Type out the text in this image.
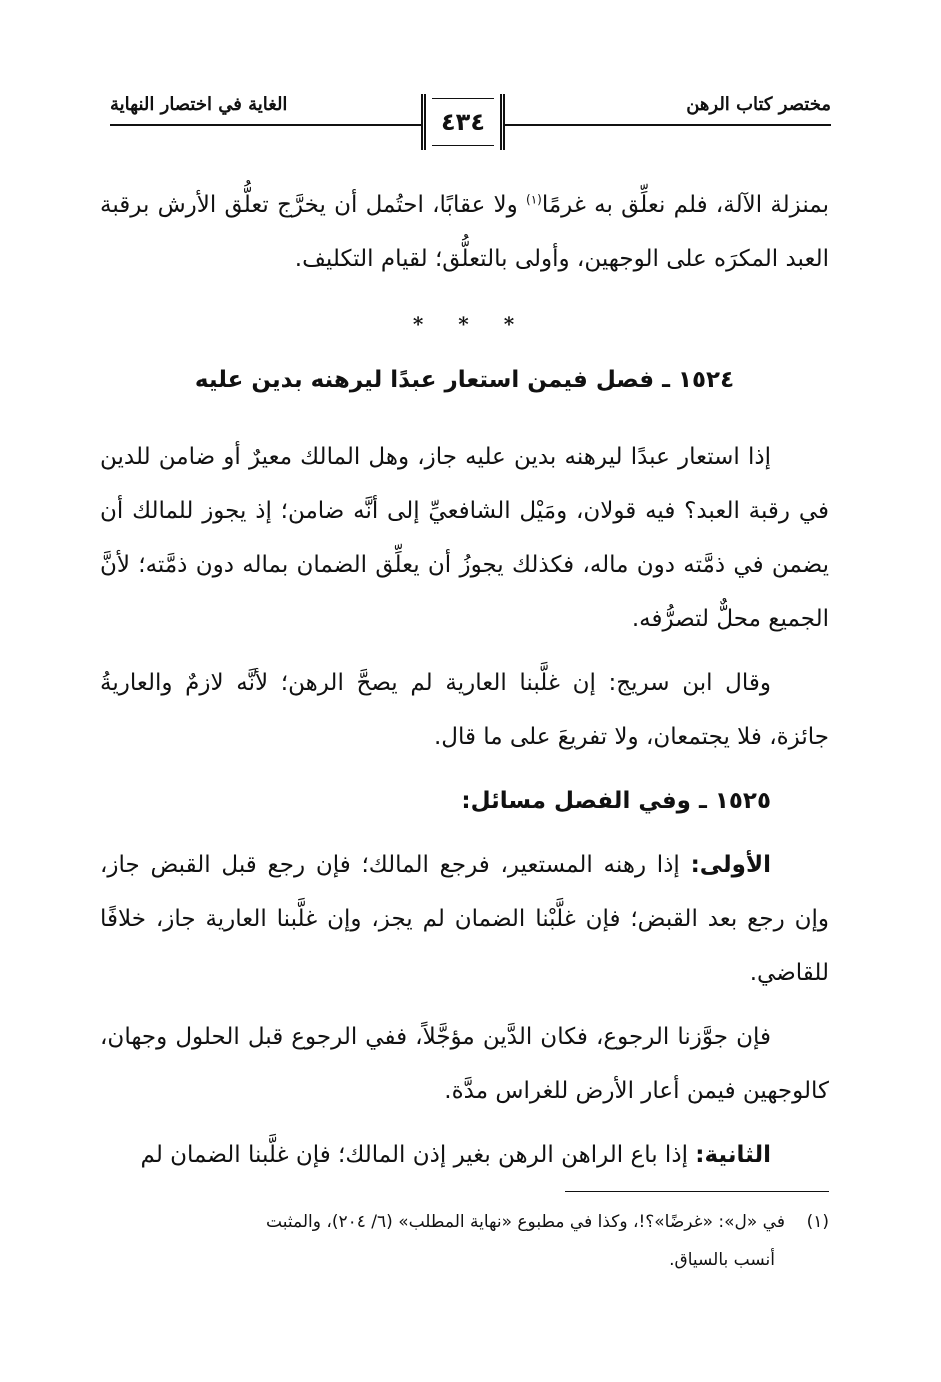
مختصر كتاب الرهن
الغاية في اختصار النهاية
٤٣٤

بمنزلة الآلة، فلم نعلِّق به غرمًا$^{(١)}$ ولا عقابًا، احتُمل أن يخرَّج تعلُّق الأرش برقبة العبد المكرَه على الوجهين، وأولى بالتعلُّق؛ لقيام التكليف.

* * *
١٥٢٤ ـ فصل فيمن استعار عبدًا ليرهنه بدين عليه

إذا استعار عبدًا ليرهنه بدين عليه جاز، وهل المالك معيرٌ أو ضامن للدين في رقبة العبد؟ فيه قولان، ومَيْل الشافعيِّ إلى أنَّه ضامن؛ إذ يجوز للمالك أن يضمن في ذمَّته دون ماله، فكذلك يجوزُ أن يعلِّق الضمان بماله دون ذمَّته؛ لأنَّ الجميع محلٌّ لتصرُّفه.

وقال ابن سريج: إن غلَّبنا العارية لم يصحَّ الرهن؛ لأنَّه لازمٌ والعاريةُ جائزة، فلا يجتمعان، ولا تفريعَ على ما قال.

١٥٢٥ ـ وفي الفصل مسائل:

الأولى: إذا رهنه المستعير، فرجع المالك؛ فإن رجع قبل القبض جاز، وإن رجع بعد القبض؛ فإن غلَّبْنا الضمان لم يجز، وإن غلَّبنا العارية جاز، خلافًا للقاضي.

فإن جوَّزنا الرجوع، فكان الدَّين مؤجَّلاً، ففي الرجوع قبل الحلول وجهان، كالوجهين فيمن أعار الأرض للغراس مدَّة.

الثانية: إذا باع الراهن الرهن بغير إذن المالك؛ فإن غلَّبنا الضمان لم

(١)    في «ل»: «غرضًا»؟!، وكذا في مطبوع «نهاية المطلب» (٦/ ٢٠٤)، والمثبت
أنسب بالسياق.
